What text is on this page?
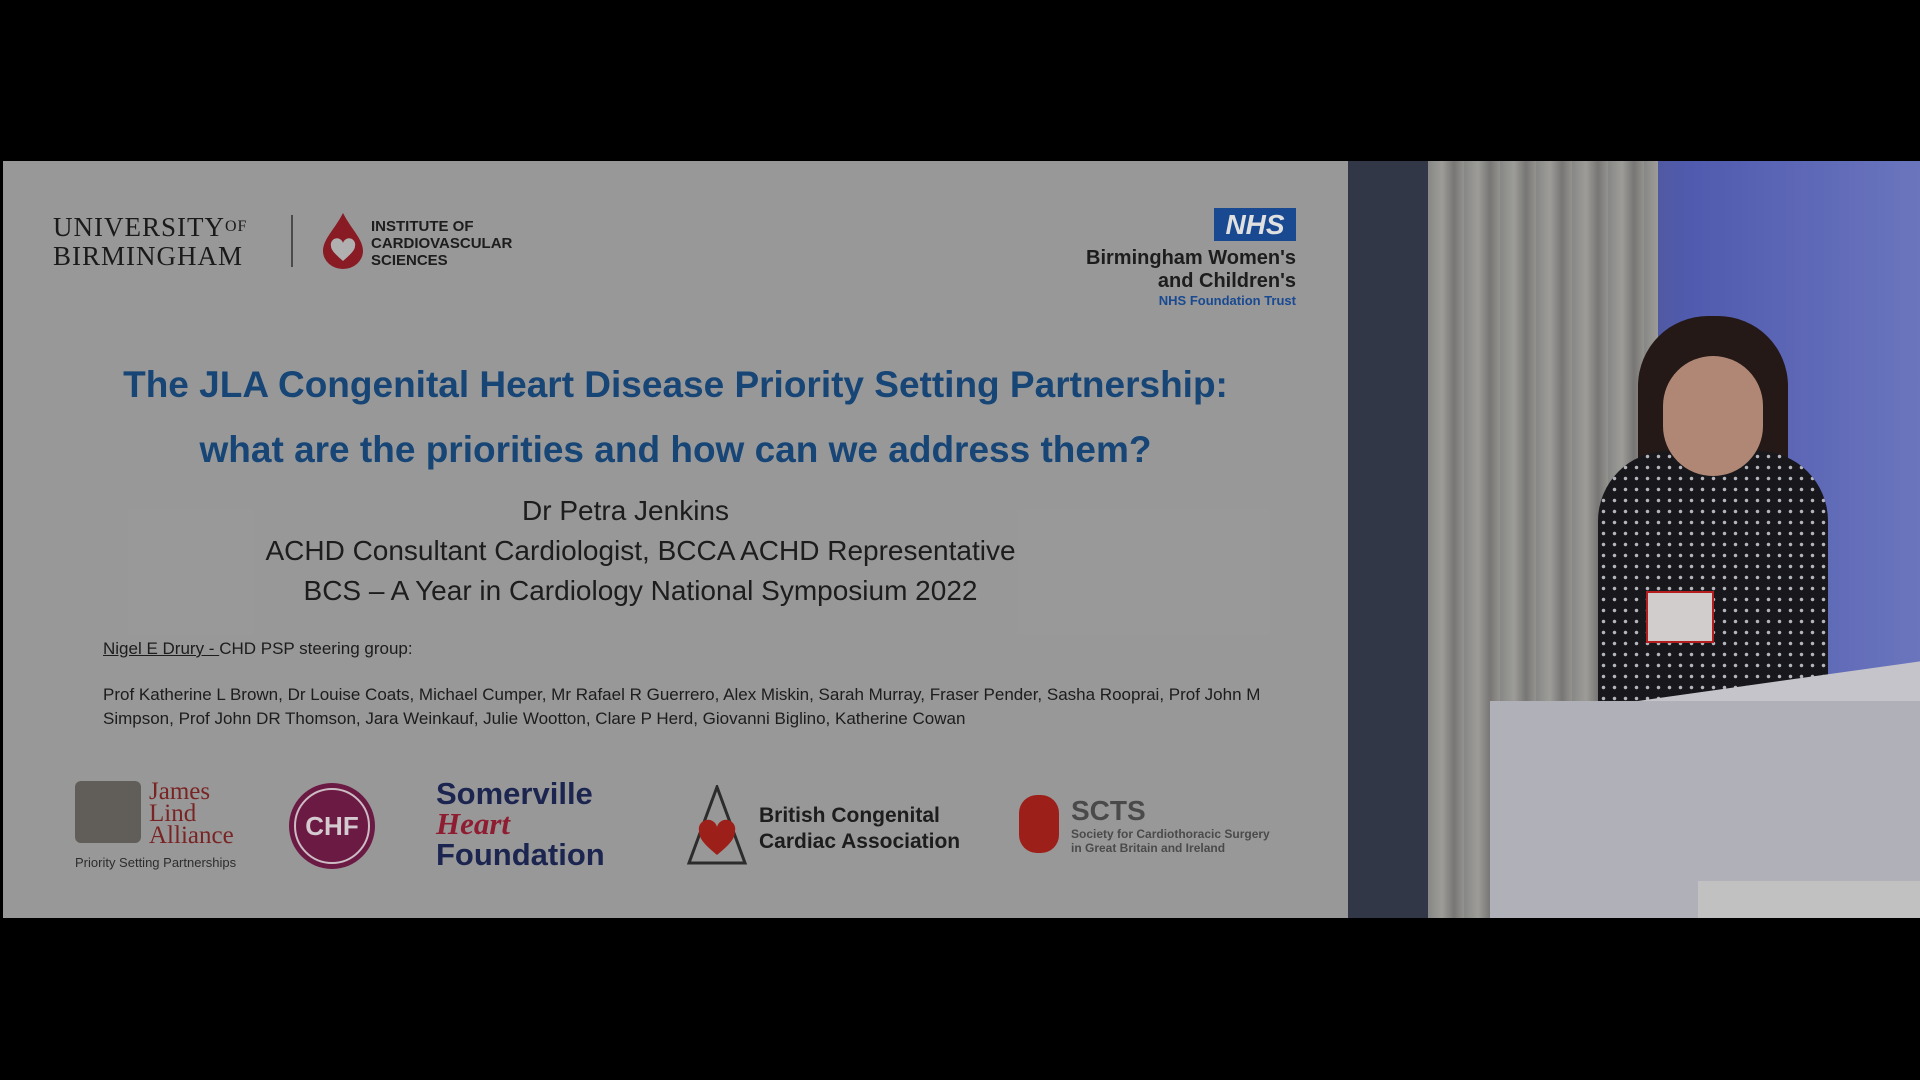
$UNIVERSITY^{OF}$
BIRMINGHAM
INSTITUTE OF
CARDIOVASCULAR
SCIENCES
NHS
Birmingham Women's
and Children's
NHS Foundation Trust
The JLA Congenital Heart Disease Priority Setting Partnership:
what are the priorities and how can we address them?
Dr Petra Jenkins
ACHD Consultant Cardiologist, BCCA ACHD Representative
BCS – A Year in Cardiology National Symposium 2022
Nigel E Drury - CHD PSP steering group:
Prof Katherine L Brown, Dr Louise Coats, Michael Cumper, Mr Rafael R Guerrero, Alex Miskin, Sarah Murray, Fraser Pender, Sasha Rooprai, Prof John M Simpson, Prof John DR Thomson, Jara Weinkauf, Julie Wootton, Clare P Herd, Giovanni Biglino, Katherine Cowan
James
Lind
Alliance
Priority Setting Partnerships
CHF
Somerville
Heart
Foundation
British Congenital
Cardiac Association
SCTS
Society for Cardiothoracic Surgery
in Great Britain and Ireland
